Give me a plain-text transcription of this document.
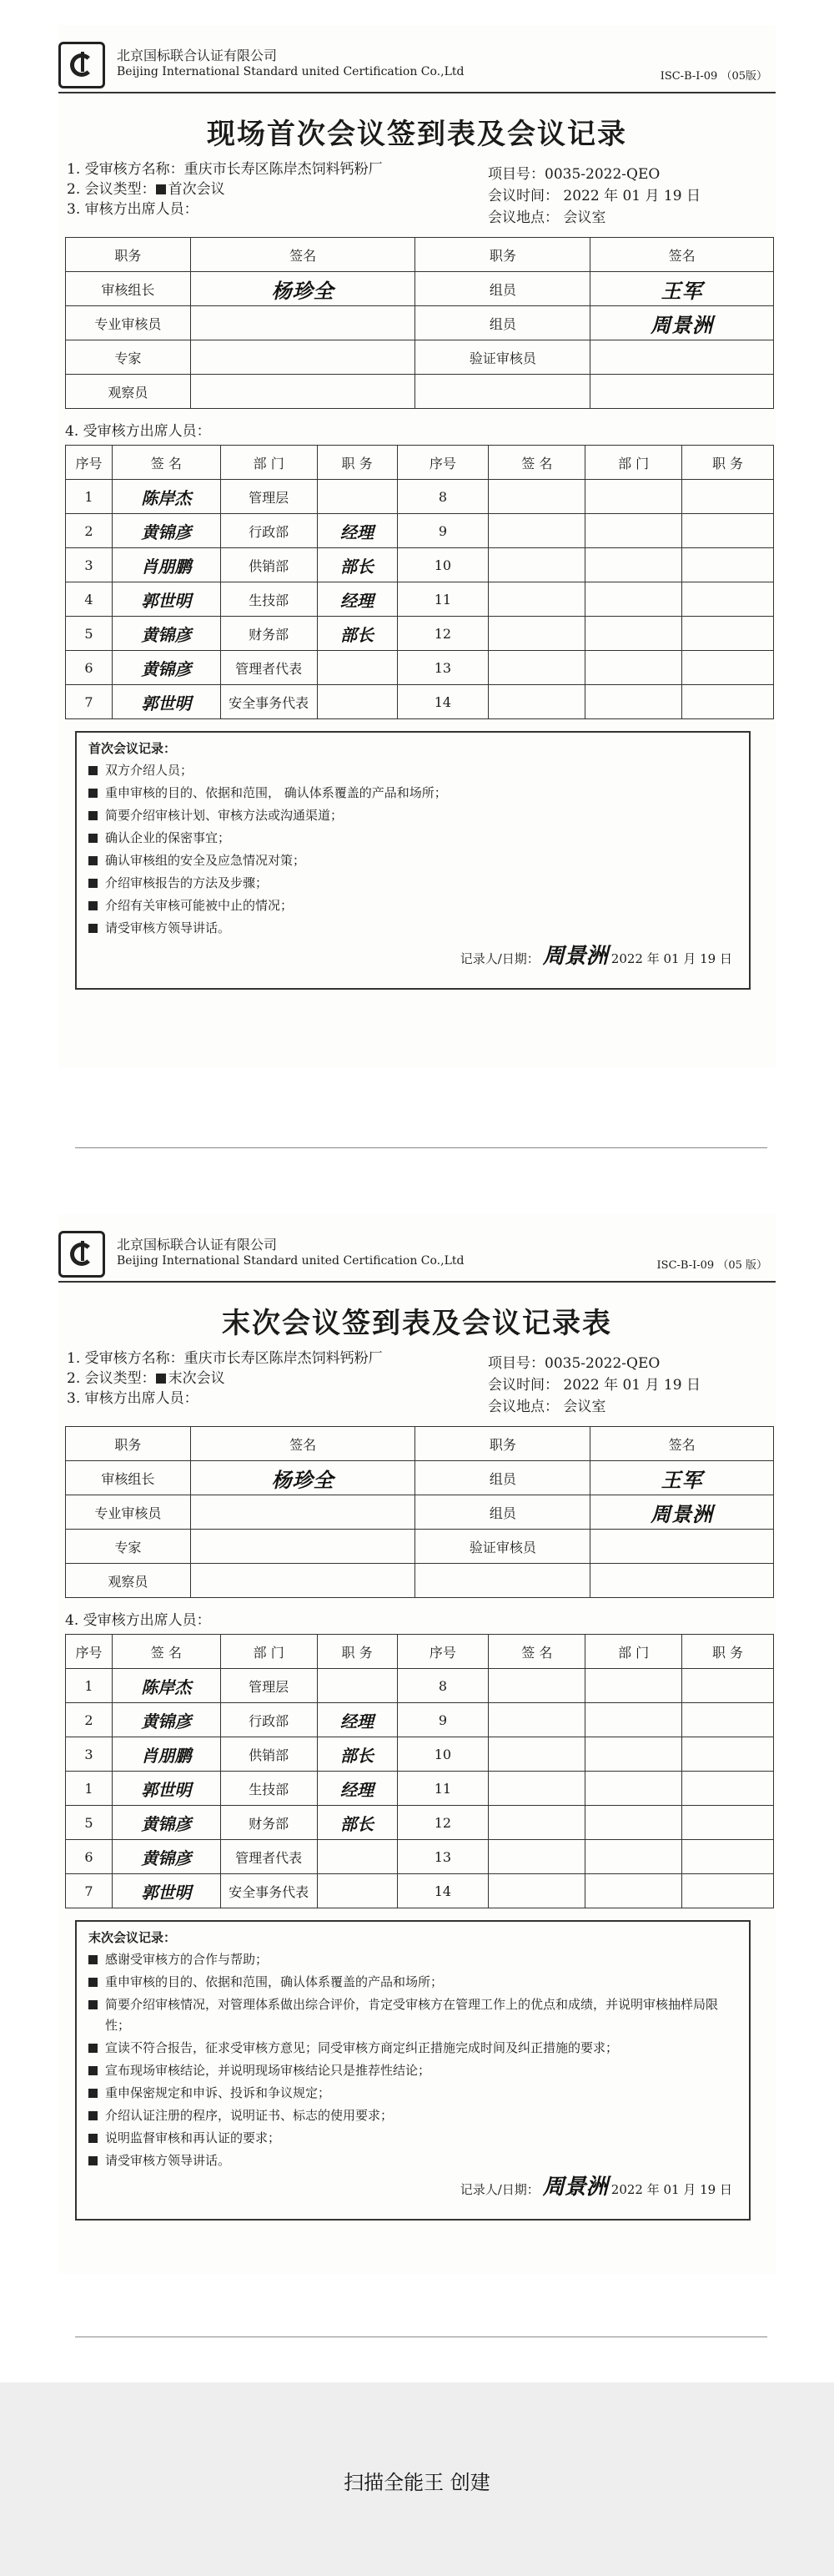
北京国标联合认证有限公司
Beijing International Standard united Certification Co.,Ltd	ISC-B-I-09 （05版）
现场首次会议签到表及会议记录
1. 受审核方名称：重庆市长寿区陈岸杰饲料钙粉厂
2. 会议类型： 首次会议
3. 审核方出席人员：
项目号：0035-2022-QEO
会议时间： 2022 年 01 月 19 日
会议地点： 会议室
职务	签名	职务	签名
审核组长	杨珍全	组员	王军
专业审核员		组员	周景洲
专家		验证审核员	
观察员			
4. 受审核方出席人员：
序号	签 名	部 门	职 务	序号	签 名	部 门	职 务
1	陈岸杰	管理层		8			
2	黄锦彦	行政部	经理	9			
3	肖朋鹏	供销部	部长	10			
4	郭世明	生技部	经理	11			
5	黄锦彦	财务部	部长	12			
6	黄锦彦	管理者代表		13			
7	郭世明	安全事务代表		14			
首次会议记录：
双方介绍人员；
重申审核的目的、依据和范围， 确认体系覆盖的产品和场所；
简要介绍审核计划、审核方法或沟通渠道；
确认企业的保密事宜；
确认审核组的安全及应急情况对策；
介绍审核报告的方法及步骤；
介绍有关审核可能被中止的情况；
请受审核方领导讲话。
记录人/日期： 周景洲 2022 年 01 月 19 日
北京国标联合认证有限公司
Beijing International Standard united Certification Co.,Ltd	ISC-B-I-09 （05 版）
末次会议签到表及会议记录表
1. 受审核方名称：重庆市长寿区陈岸杰饲料钙粉厂
2. 会议类型： 末次会议
3. 审核方出席人员：
项目号：0035-2022-QEO
会议时间： 2022 年 01 月 19 日
会议地点： 会议室
职务	签名	职务	签名
审核组长	杨珍全	组员	王军
专业审核员		组员	周景洲
专家		验证审核员	
观察员			
4. 受审核方出席人员：
序号	签 名	部 门	职 务	序号	签 名	部 门	职 务
1	陈岸杰	管理层		8			
2	黄锦彦	行政部	经理	9			
3	肖朋鹏	供销部	部长	10			
1	郭世明	生技部	经理	11			
5	黄锦彦	财务部	部长	12			
6	黄锦彦	管理者代表		13			
7	郭世明	安全事务代表		14			
末次会议记录：
感谢受审核方的合作与帮助；
重申审核的目的、依据和范围，确认体系覆盖的产品和场所；
简要介绍审核情况，对管理体系做出综合评价，肯定受审核方在管理工作上的优点和成绩，并说明审核抽样局限性；
宣读不符合报告，征求受审核方意见；同受审核方商定纠正措施完成时间及纠正措施的要求；
宣布现场审核结论，并说明现场审核结论只是推荐性结论；
重申保密规定和申诉、投诉和争议规定；
介绍认证注册的程序，说明证书、标志的使用要求；
说明监督审核和再认证的要求；
请受审核方领导讲话。
记录人/日期： 周景洲 2022 年 01 月 19 日
扫描全能王 创建
